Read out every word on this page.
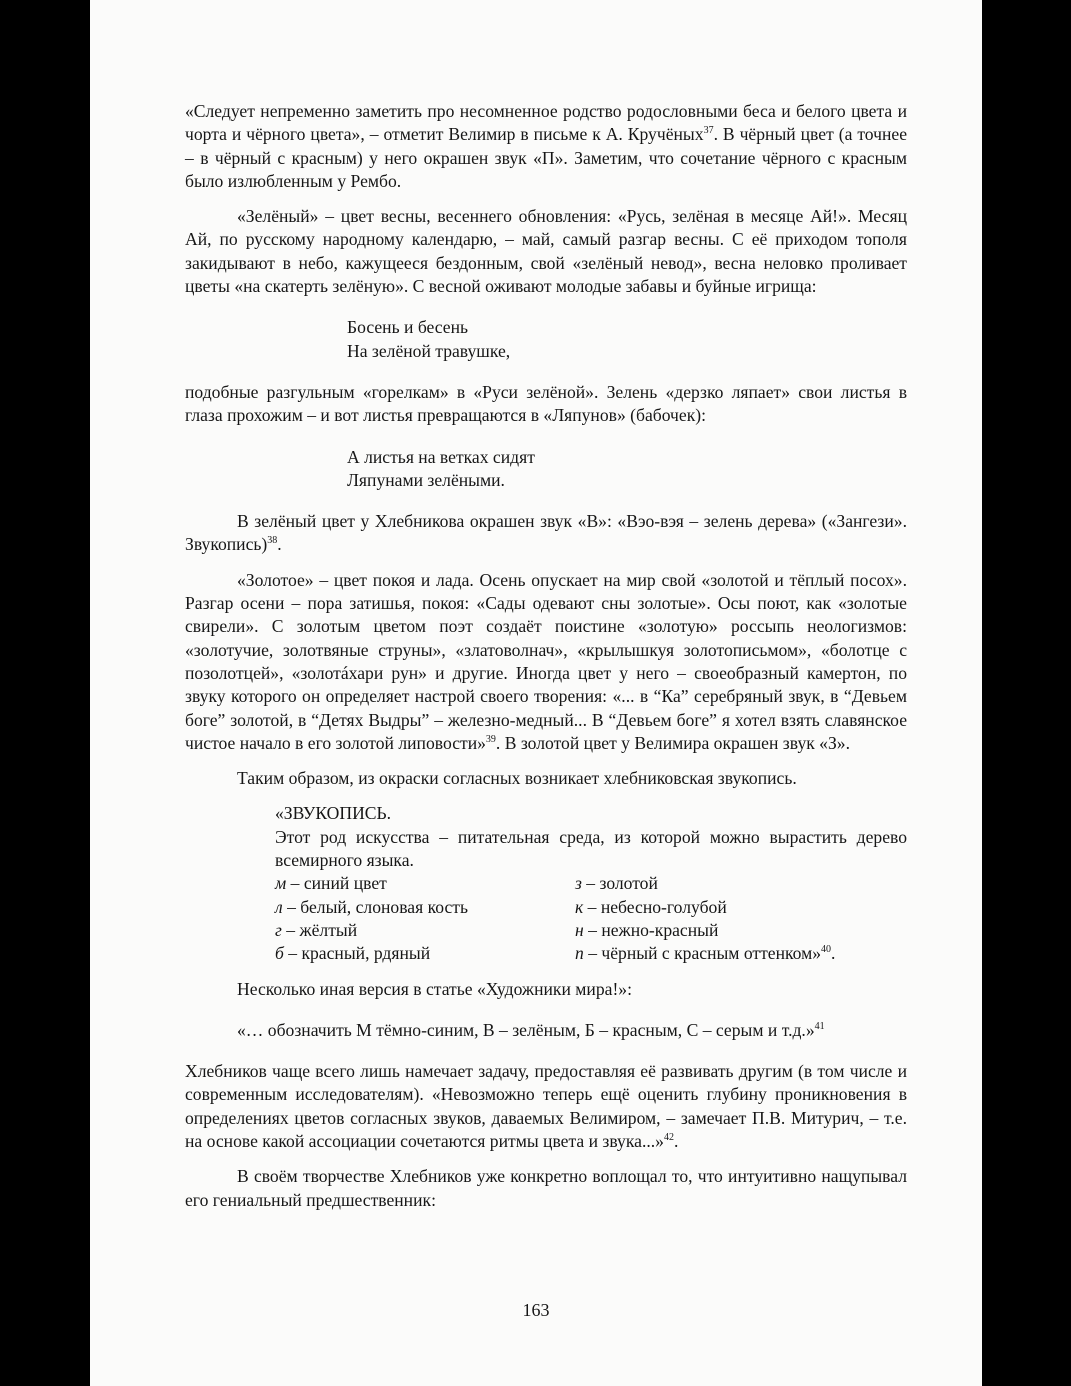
«Следует непременно заметить про несомненное родство родословными беса и белого цвета и чорта и чёрного цвета», – отметит Велимир в письме к А. Кручёных$^{37}$. В чёрный цвет (а точнее – в чёрный с красным) у него окрашен звук «П». Заметим, что сочетание чёрного с красным было излюбленным у Рембо.

«Зелёный» – цвет весны, весеннего обновления: «Русь, зелёная в месяце Ай!». Месяц Ай, по русскому народному календарю, – май, самый разгар весны. С её приходом тополя закидывают в небо, кажущееся бездонным, свой «зелёный невод», весна неловко проливает цветы «на скатерть зелёную». С весной оживают молодые забавы и буйные игрища:

Босень и бесень
На зелёной травушке,

подобные разгульным «горелкам» в «Руси зелёной». Зелень «дерзко ляпает» свои листья в глаза прохожим – и вот листья превращаются в «Ляпунов» (бабочек):

А листья на ветках сидят
Ляпунами зелёными.

В зелёный цвет у Хлебникова окрашен звук «В»: «Вэо-вэя – зелень дерева» («Зангези». Звукопись)$^{38}$.

«Золотое» – цвет покоя и лада. Осень опускает на мир свой «золотой и тёплый посох». Разгар осени – пора затишья, покоя: «Сады одевают сны золотые». Осы поют, как «золотые свирели». С золотым цветом поэт создаёт поистине «золотую» россыпь неологизмов: «золотучие, золотвяные струны», «златоволнач», «крылышкуя золотописьмом», «болотце с позолотцей», «золотáхари рун» и другие. Иногда цвет у него – своеобразный камертон, по звуку которого он определяет настрой своего творения: «... в “Ка” серебряный звук, в “Девьем боге” золотой, в “Детях Выдры” – железно-медный... В “Девьем боге” я хотел взять славянское чистое начало в его золотой липовости»$^{39}$. В золотой цвет у Велимира окрашен звук «З».

Таким образом, из окраски согласных возникает хлебниковская звукопись.

«ЗВУКОПИСЬ.

Этот род искусства – питательная среда, из которой можно вырастить дерево всемирного языка.

м – синий цвет	з – золотой
л – белый, слоновая кость	к – небесно-голубой
г – жёлтый	н – нежно-красный
б – красный, рдяный	п – чёрный с красным оттенком»$^{40}$.

Несколько иная версия в статье «Художники мира!»:

«… обозначить М тёмно-синим, В – зелёным, Б – красным, С – серым и т.д.»$^{41}$

Хлебников чаще всего лишь намечает задачу, предоставляя её развивать другим (в том числе и современным исследователям). «Невозможно теперь ещё оценить глубину проникновения в определениях цветов согласных звуков, даваемых Велимиром, – замечает П.В. Митурич, – т.е. на основе какой ассоциации сочетаются ритмы цвета и звука...»$^{42}$.

В своём творчестве Хлебников уже конкретно воплощал то, что интуитивно нащупывал его гениальный предшественник:

163
